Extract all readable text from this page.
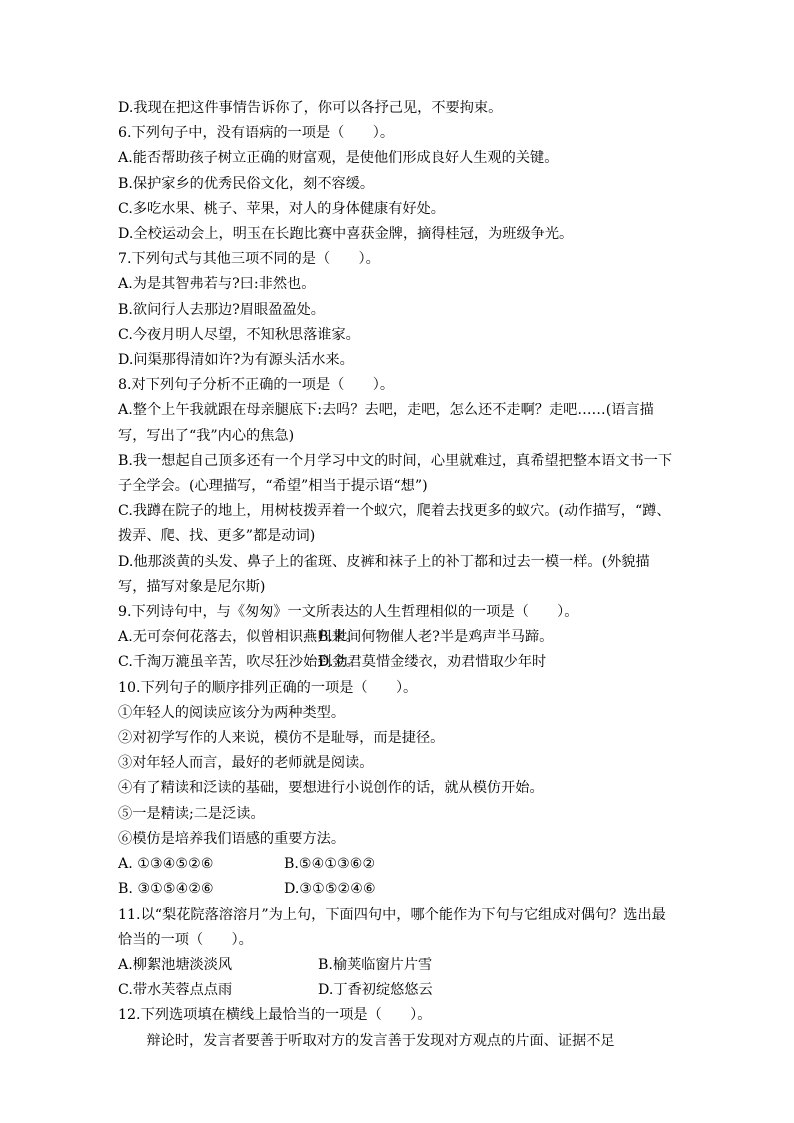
D.我现在把这件事情告诉你了，你可以各抒己见，不要拘束。
6.下列句子中，没有语病的一项是（　　）。
A.能否帮助孩子树立正确的财富观，是使他们形成良好人生观的关键。
B.保护家乡的优秀民俗文化，刻不容缓。
C.多吃水果、桃子、苹果，对人的身体健康有好处。
D.全校运动会上，明玉在长跑比赛中喜获金牌，摘得桂冠，为班级争光。
7.下列句式与其他三项不同的是（　　）。
A.为是其智弗若与?曰:非然也。
B.欲问行人去那边?眉眼盈盈处。
C.今夜月明人尽望，不知秋思落谁家。
D.问渠那得清如许?为有源头活水来。
8.对下列句子分析不正确的一项是（　　）。
A.整个上午我就跟在母亲腿底下:去吗？去吧，走吧，怎么还不走啊？走吧……(语言描写，写出了“我”内心的焦急)
B.我一想起自己顶多还有一个月学习中文的时间，心里就难过，真希望把整本语文书一下子全学会。(心理描写，“希望”相当于提示语“想”)
C.我蹲在院子的地上，用树枝拨弄着一个蚁穴，爬着去找更多的蚁穴。(动作描写，“蹲、拨弄、爬、找、更多”都是动词)
D.他那淡黄的头发、鼻子上的雀斑、皮裤和袜子上的补丁都和过去一模一样。(外貌描写，描写对象是尼尔斯)
9.下列诗句中，与《匆匆》一文所表达的人生哲理相似的一项是（　　）。
A.无可奈何花落去，似曾相识燕归来。
B.世间何物催人老?半是鸡声半马蹄。
C.千淘万漉虽辛苦，吹尽狂沙始到金。
D.劝君莫惜金缕衣，劝君惜取少年时
10.下列句子的顺序排列正确的一项是（　　）。
①年轻人的阅读应该分为两种类型。
②对初学写作的人来说，模仿不是耻辱，而是捷径。
③对年轻人而言，最好的老师就是阅读。
④有了精读和泛读的基础，要想进行小说创作的话，就从模仿开始。
⑤一是精读;二是泛读。
⑥模仿是培养我们语感的重要方法。
A. ①③④⑤②⑥	B.⑤④①③⑥②
B. ③①⑤④②⑥	D.③①⑤②④⑥
11.以“梨花院落溶溶月”为上句，下面四句中，哪个能作为下句与它组成对偶句？选出最恰当的一项（　　）。
A.柳絮池塘淡淡风	B.榆荚临窗片片雪
C.带水芙蓉点点雨	D.丁香初绽悠悠云
12.下列选项填在横线上最恰当的一项是（　　）。
辩论时，发言者要善于听取对方的发言善于发现对方观点的片面、证据不足
